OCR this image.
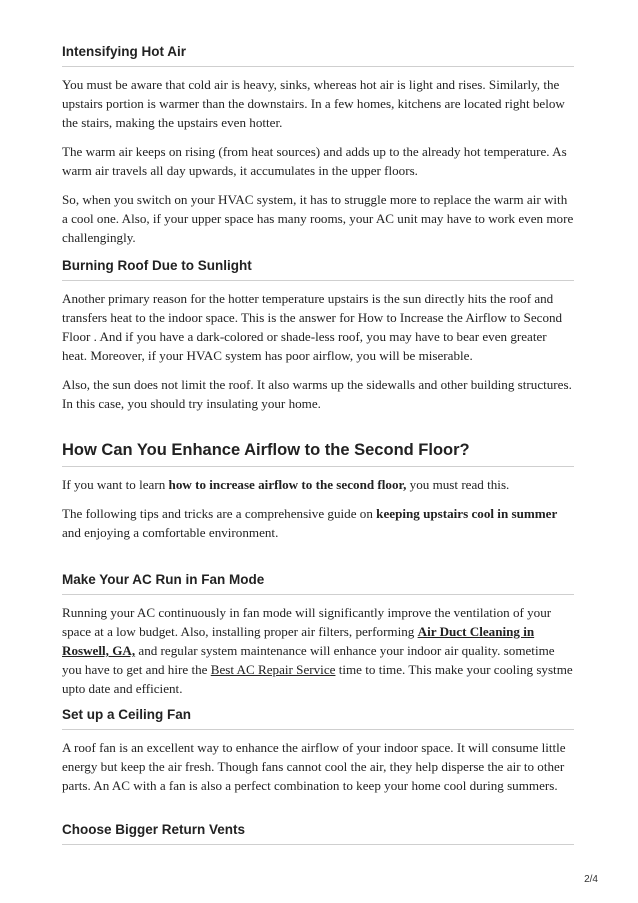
Intensifying Hot Air

You must be aware that cold air is heavy, sinks, whereas hot air is light and rises. Similarly, the upstairs portion is warmer than the downstairs. In a few homes, kitchens are located right below the stairs, making the upstairs even hotter.

The warm air keeps on rising (from heat sources) and adds up to the already hot temperature. As warm air travels all day upwards, it accumulates in the upper floors.

So, when you switch on your HVAC system, it has to struggle more to replace the warm air with a cool one. Also, if your upper space has many rooms, your AC unit may have to work even more challengingly.

Burning Roof Due to Sunlight

Another primary reason for the hotter temperature upstairs is the sun directly hits the roof and transfers heat to the indoor space. This is the answer for How to Increase the Airflow to Second Floor . And if you have a dark-colored or shade-less roof, you may have to bear even greater heat. Moreover, if your HVAC system has poor airflow, you will be miserable.

Also, the sun does not limit the roof. It also warms up the sidewalls and other building structures. In this case, you should try insulating your home.

How Can You Enhance Airflow to the Second Floor?

If you want to learn how to increase airflow to the second floor, you must read this.

The following tips and tricks are a comprehensive guide on keeping upstairs cool in summer and enjoying a comfortable environment.

Make Your AC Run in Fan Mode

Running your AC continuously in fan mode will significantly improve the ventilation of your space at a low budget. Also, installing proper air filters, performing Air Duct Cleaning in Roswell, GA, and regular system maintenance will enhance your indoor air quality. sometime you have to get and hire the Best AC Repair Service time to time. This make your cooling systme upto date and efficient.

Set up a Ceiling Fan

A roof fan is an excellent way to enhance the airflow of your indoor space. It will consume little energy but keep the air fresh. Though fans cannot cool the air, they help disperse the air to other parts. An AC with a fan is also a perfect combination to keep your home cool during summers.

Choose Bigger Return Vents
2/4
